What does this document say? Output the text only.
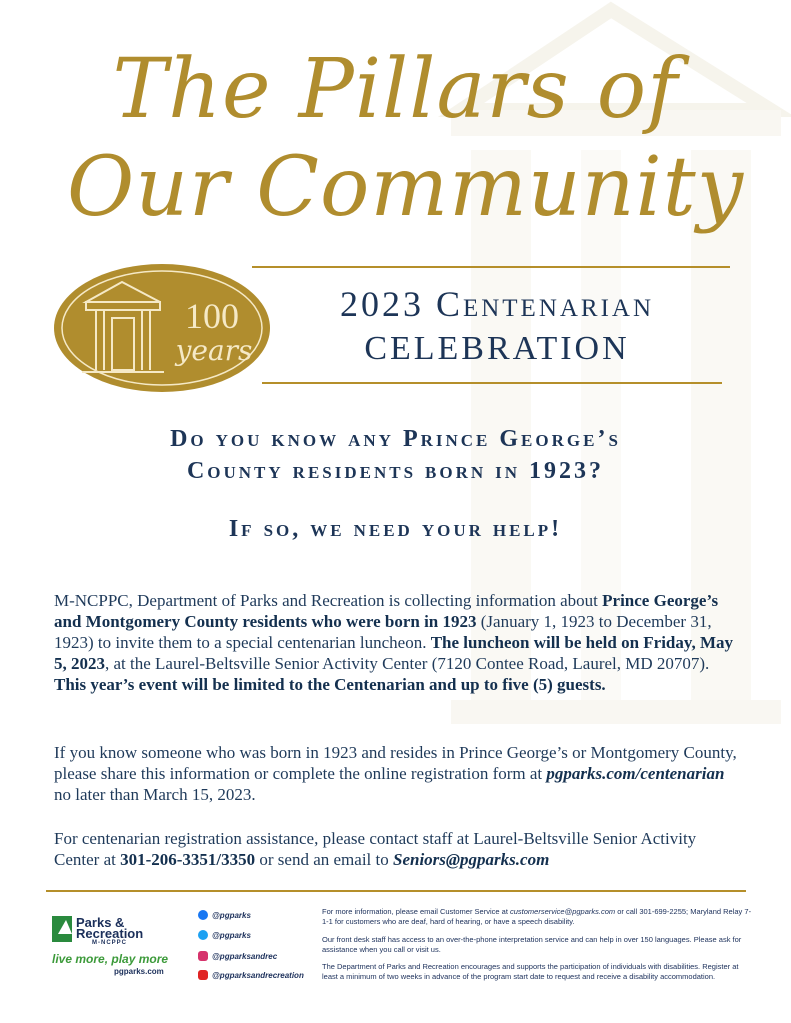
The Pillars of
Our Community
100
years
2023 Centenarian
CELEBRATION
Do you know any Prince George’s
County residents born in 1923?
If so, we need your help!
M-NCPPC, Department of Parks and Recreation is collecting information about Prince George’s and Montgomery County residents who were born in 1923 (January 1, 1923 to December 31, 1923) to invite them to a special centenarian luncheon. The luncheon will be held on Friday, May 5, 2023, at the Laurel-Beltsville Senior Activity Center (7120 Contee Road, Laurel, MD 20707). This year’s event will be limited to the Centenarian and up to five (5) guests.
If you know someone who was born in 1923 and resides in Prince George’s or Montgomery County, please share this information or complete the online registration form at pgparks.com/centenarian no later than March 15, 2023.
For centenarian registration assistance, please contact staff at Laurel-Beltsville Senior Activity Center at 301-206-3351/3350 or send an email to Seniors@pgparks.com
Parks &
Recreation
M-NCPPC
live more, play more
pgparks.com
@pgparks
@pgparks
@pgparksandrec
@pgparksandrecreation
For more information, please email Customer Service at customerservice@pgparks.com or call 301-699-2255; Maryland Relay 7-1-1 for customers who are deaf, hard of hearing, or have a speech disability.
Our front desk staff has access to an over-the-phone interpretation service and can help in over 150 languages. Please ask for assistance when you call or visit us.
The Department of Parks and Recreation encourages and supports the participation of individuals with disabilities. Register at least a minimum of two weeks in advance of the program start date to request and receive a disability accommodation.
